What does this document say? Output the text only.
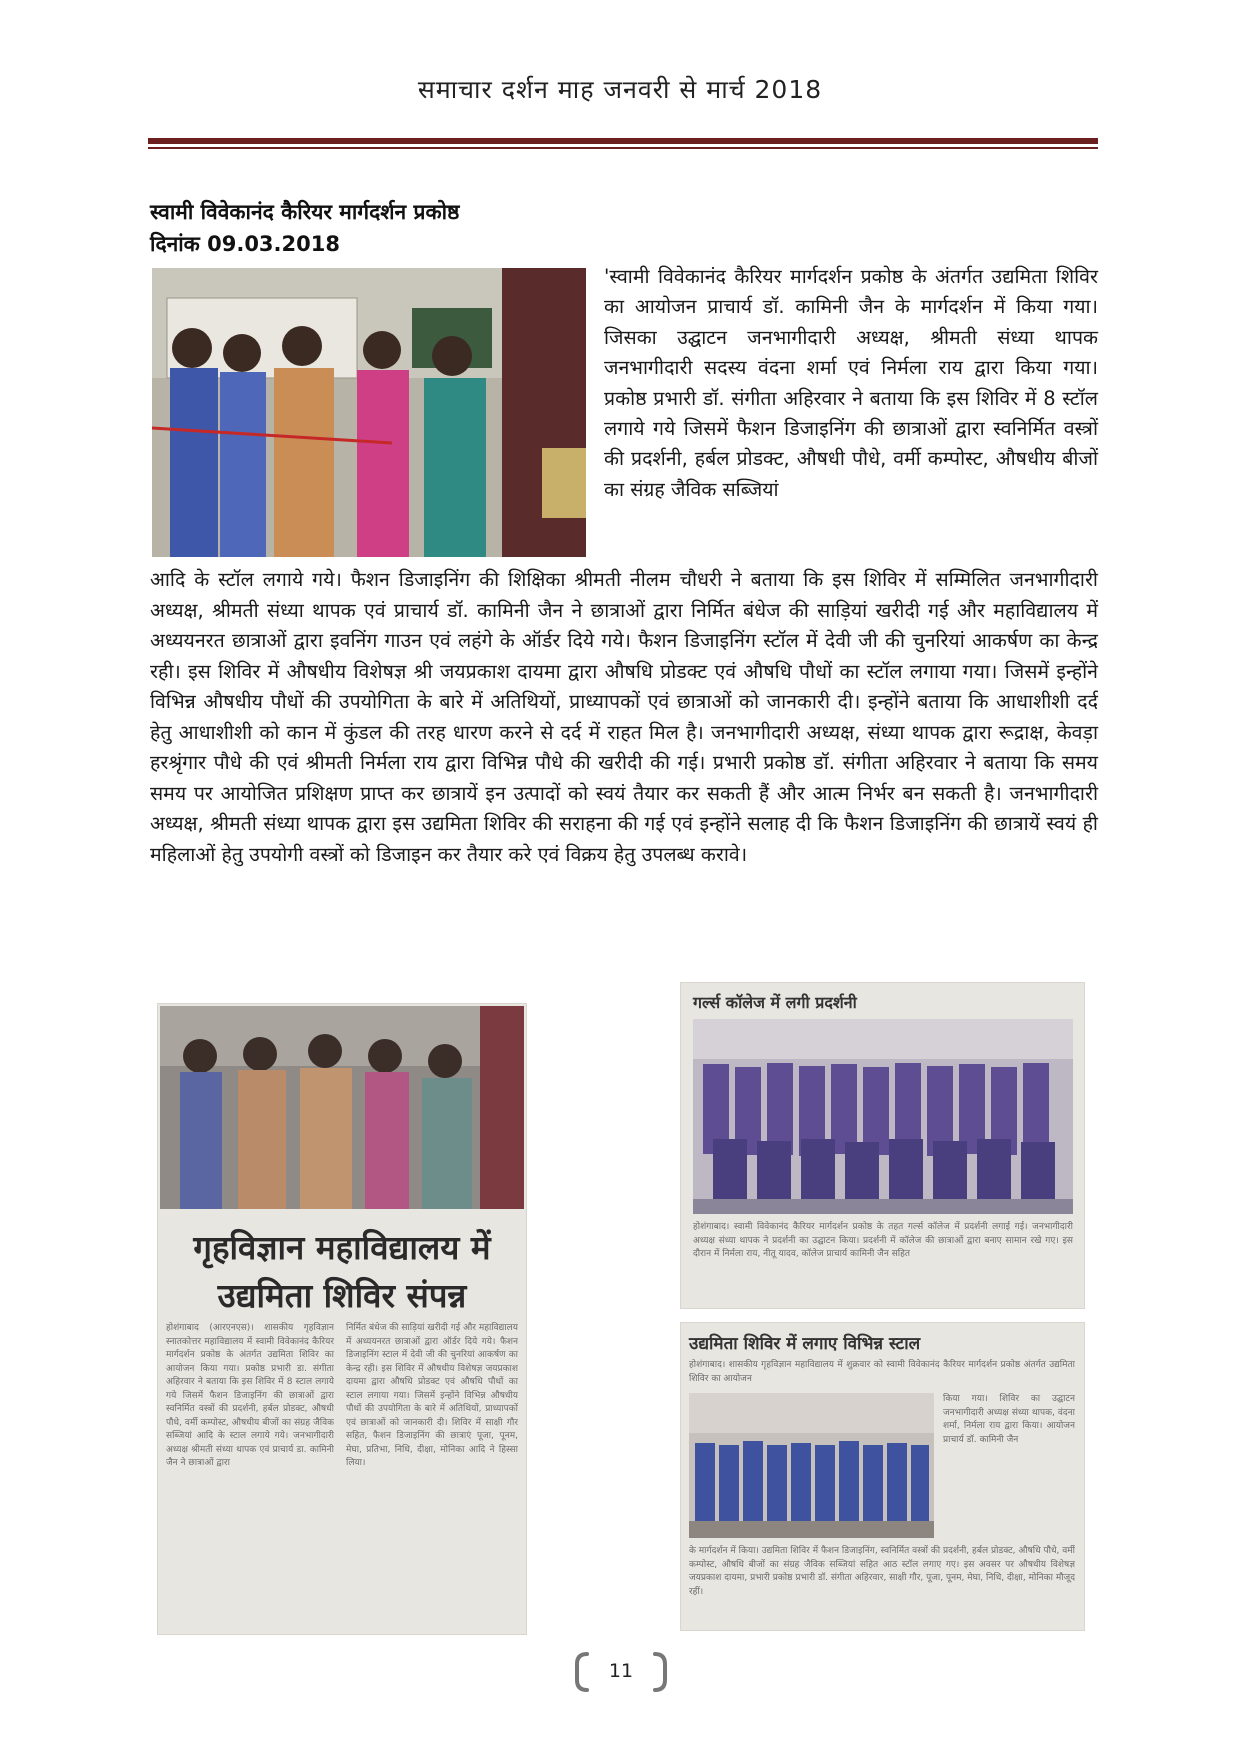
समाचार दर्शन माह जनवरी से मार्च 2018
स्वामी विवेकानंद कैरियर मार्गदर्शन प्रकोष्ठ
दिनांक 09.03.2018
'स्वामी विवेकानंद कैरियर मार्गदर्शन प्रकोष्ठ के अंतर्गत उद्यमिता शिविर का आयोजन प्राचार्य डॉ. कामिनी जैन के मार्गदर्शन में किया गया। जिसका उद्घाटन जनभागीदारी अध्यक्ष, श्रीमती संध्या थापक जनभागीदारी सदस्य वंदना शर्मा एवं निर्मला राय द्वारा किया गया। प्रकोष्ठ प्रभारी डॉ. संगीता अहिरवार ने बताया कि इस शिविर में 8 स्टॉल लगाये गये जिसमें फैशन डिजाइनिंग की छात्राओं द्वारा स्वनिर्मित वस्त्रों की प्रदर्शनी, हर्बल प्रोडक्ट, औषधी पौधे, वर्मी कम्पोस्ट, औषधीय बीजों का संग्रह जैविक सब्जियां
आदि के स्टॉल लगाये गये। फैशन डिजाइनिंग की शिक्षिका श्रीमती नीलम चौधरी ने बताया कि इस शिविर में सम्मिलित जनभागीदारी अध्यक्ष, श्रीमती संध्या थापक एवं प्राचार्य डॉ. कामिनी जैन ने छात्राओं द्वारा निर्मित बंधेज की साड़ियां खरीदी गई और महाविद्यालय में अध्ययनरत छात्राओं द्वारा इवनिंग गाउन एवं लहंगे के ऑर्डर दिये गये। फैशन डिजाइनिंग स्टॉल में देवी जी की चुनरियां आकर्षण का केन्द्र रही। इस शिविर में औषधीय विशेषज्ञ श्री जयप्रकाश दायमा द्वारा औषधि प्रोडक्ट एवं औषधि पौधों का स्टॉल लगाया गया। जिसमें इन्होंने विभिन्न औषधीय पौधों की उपयोगिता के बारे में अतिथियों, प्राध्यापकों एवं छात्राओं को जानकारी दी। इन्होंने बताया कि आधाशीशी दर्द हेतु आधाशीशी को कान में कुंडल की तरह धारण करने से दर्द में राहत मिल है। जनभागीदारी अध्यक्ष, संध्या थापक द्वारा रूद्राक्ष, केवड़ा हरश्रृंगार पौधे की एवं श्रीमती निर्मला राय द्वारा विभिन्न पौधे की खरीदी की गई। प्रभारी प्रकोष्ठ डॉ. संगीता अहिरवार ने बताया कि समय समय पर आयोजित प्रशिक्षण प्राप्त कर छात्रायें इन उत्पादों को स्वयं तैयार कर सकती हैं और आत्म निर्भर बन सकती है। जनभागीदारी अध्यक्ष, श्रीमती संध्या थापक द्वारा इस उद्यमिता शिविर की सराहना की गई एवं इन्होंने सलाह दी कि फैशन डिजाइनिंग की छात्रायें स्वयं ही महिलाओं हेतु उपयोगी वस्त्रों को डिजाइन कर तैयार करे एवं विक्रय हेतु उपलब्ध करावे।
गृहविज्ञान महाविद्यालय में
उद्यमिता शिविर संपन्न
होशंगाबाद (आरएनएस)। शासकीय गृहविज्ञान स्नातकोत्तर महाविद्यालय में स्वामी विवेकानंद कैरियर मार्गदर्शन प्रकोष्ठ के अंतर्गत उद्यमिता शिविर का आयोजन किया गया। प्रकोष्ठ प्रभारी डा. संगीता अहिरवार ने बताया कि इस शिविर में 8 स्टाल लगाये गये जिसमें फैशन डिजाइनिंग की छात्राओं द्वारा स्वनिर्मित वस्त्रों की प्रदर्शनी, हर्बल प्रोडक्ट, औषधी पौधे, वर्मी कम्पोस्ट, औषधीय बीजों का संग्रह जैविक सब्जियां आदि के स्टाल लगाये गये। जनभागीदारी अध्यक्ष श्रीमती संध्या थापक एवं प्राचार्य डा. कामिनी जैन ने छात्राओं द्वारा
निर्मित बंधेज की साड़ियां खरीदी गई और महाविद्यालय में अध्ययनरत छात्राओं द्वारा ऑर्डर दिये गये। फैशन डिजाइनिंग स्टाल में देवी जी की चुनरियां आकर्षण का केन्द्र रही। इस शिविर में औषधीय विशेषज्ञ जयप्रकाश दायमा द्वारा औषधि प्रोडक्ट एवं औषधि पौधों का स्टाल लगाया गया। जिसमें इन्होंने विभिन्न औषधीय पौधों की उपयोगिता के बारे में अतिथियों, प्राध्यापकों एवं छात्राओं को जानकारी दी। शिविर में साक्षी गौर सहित, फैशन डिजाइनिंग की छात्राएं पूजा, पूनम, मेघा, प्रतिभा, निधि, दीक्षा, मोनिका आदि ने हिस्सा लिया।
गर्ल्स कॉलेज में लगी प्रदर्शनी
होशंगाबाद। स्वामी विवेकानंद कैरियर मार्गदर्शन प्रकोष्ठ के तहत गर्ल्स कॉलेज में प्रदर्शनी लगाई गई। जनभागीदारी अध्यक्ष संध्या थापक ने प्रदर्शनी का उद्घाटन किया। प्रदर्शनी में कॉलेज की छात्राओं द्वारा बनाए सामान रखे गए। इस दौरान में निर्मला राय, नीतू यादव, कॉलेज प्राचार्य कामिनी जैन सहित
उद्यमिता शिविर में लगाए विभिन्न स्टाल
होशंगाबाद। शासकीय गृहविज्ञान महाविद्यालय में शुक्रवार को स्वामी विवेकानंद कैरियर मार्गदर्शन प्रकोष्ठ अंतर्गत उद्यमिता शिविर का आयोजन
किया गया। शिविर का उद्घाटन जनभागीदारी अध्यक्ष संध्या थापक, वंदना शर्मा, निर्मला राय द्वारा किया। आयोजन प्राचार्य डॉ. कामिनी जैन
के मार्गदर्शन में किया। उद्यमिता शिविर में फैशन डिजाइनिंग, स्वनिर्मित वस्त्रों की प्रदर्शनी, हर्बल प्रोडक्ट, औषधि पौधे, वर्मी कम्पोस्ट, औषधि बीजों का संग्रह जैविक सब्जियां सहित आठ स्टॉल लगाए गए। इस अवसर पर औषधीय विशेषज्ञ जयप्रकाश दायमा, प्रभारी प्रकोष्ठ प्रभारी डॉ. संगीता अहिरवार, साक्षी गौर, पूजा, पूनम, मेघा, निधि, दीक्षा, मोनिका मौजूद रहीं।
11
